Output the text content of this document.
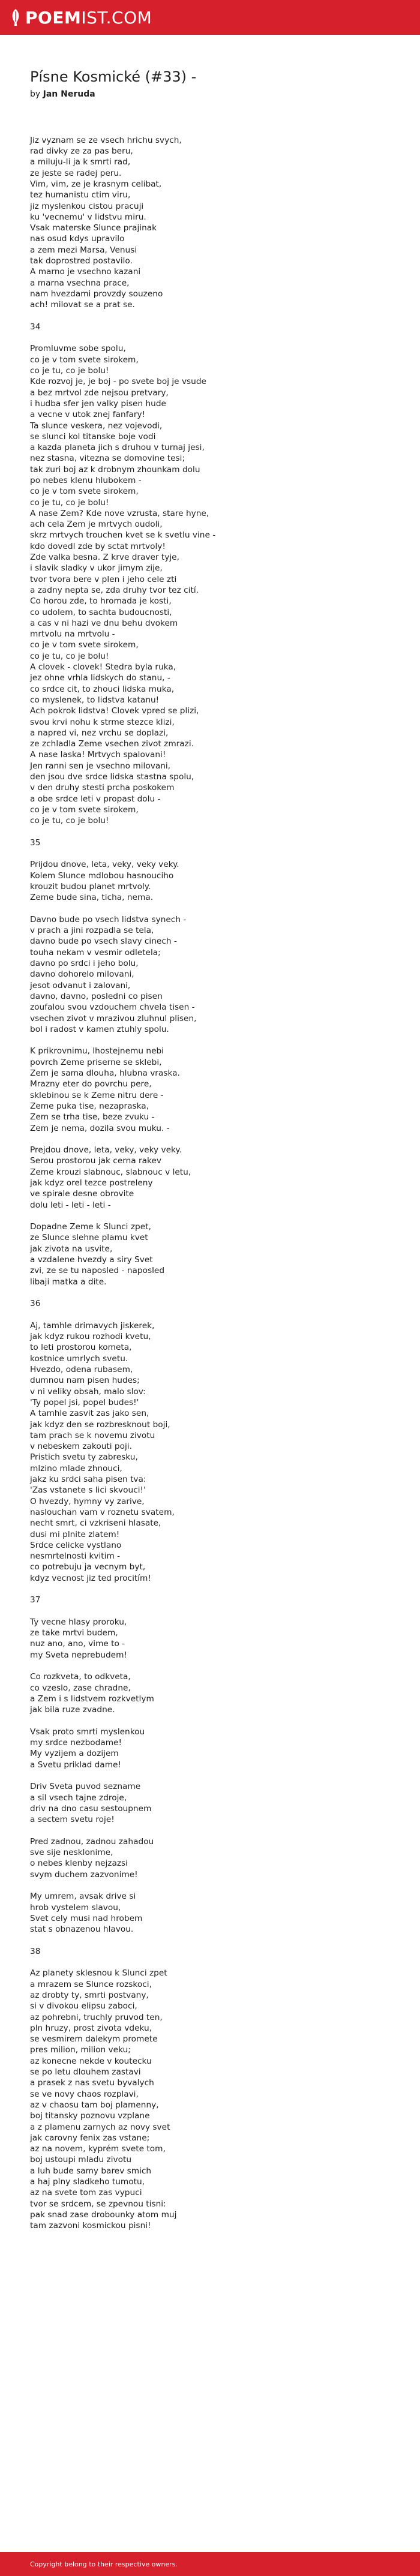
POEM IST.COM
Písne Kosmické (#33) -
by Jan Neruda

Jiz vyznam se ze vsech hrichu svych,
rad divky ze za pas beru,
a miluju-li ja k smrti rad,
ze jeste se radej peru.
Vim, vim, ze je krasnym celibat,
tez humanistu ctim viru,
jiz myslenkou cistou pracuji
ku 'vecnemu' v lidstvu miru.
Vsak materske Slunce prajinak
nas osud kdys upravilo
a zem mezi Marsa, Venusi
tak doprostred postavilo.
A marno je vsechno kazani
a marna vsechna prace,
nam hvezdami provzdy souzeno
ach! milovat se a prat se.

34

Promluvme sobe spolu,
co je v tom svete sirokem,
co je tu, co je bolu!
Kde rozvoj je, je boj - po svete boj je vsude
a bez mrtvol zde nejsou pretvary,
i hudba sfer jen valky pisen hude
a vecne v utok znej fanfary!
Ta slunce veskera, nez vojevodi,
se slunci kol titanske boje vodi
a kazda planeta jich s druhou v turnaj jesi,
nez stasna, vitezna se domovine tesi;
tak zuri boj az k drobnym zhounkam dolu
po nebes klenu hlubokem -
co je v tom svete sirokem,
co je tu, co je bolu!
A nase Zem? Kde nove vzrusta, stare hyne,
ach cela Zem je mrtvych oudoli,
skrz mrtvych trouchen kvet se k svetlu vine -
kdo dovedl zde by sctat mrtvoly!
Zde valka besna. Z krve draver tyje,
i slavik sladky v ukor jimym zije,
tvor tvora bere v plen i jeho cele zti
a zadny nepta se, zda druhy tvor tez cití.
Co horou zde, to hromada je kosti,
co udolem, to sachta budoucnosti,
a cas v ni hazi ve dnu behu dvokem
mrtvolu na mrtvolu -
co je v tom svete sirokem,
co je tu, co je bolu!
A clovek - clovek! Stedra byla ruka,
jez ohne vrhla lidskych do stanu, -
co srdce cit, to zhouci lidska muka,
co myslenek, to lidstva katanu!
Ach pokrok lidstva! Clovek vpred se plizi,
svou krvi nohu k strme stezce klizi,
a napred vi, nez vrchu se doplazi,
ze zchladla Zeme vsechen zivot zmrazi.
A nase laska! Mrtvych spalovani!
Jen ranni sen je vsechno milovani,
den jsou dve srdce lidska stastna spolu,
v den druhy stesti prcha poskokem
a obe srdce leti v propast dolu -
co je v tom svete sirokem,
co je tu, co je bolu!

35

Prijdou dnove, leta, veky, veky veky.
Kolem Slunce mdlobou hasnouciho
krouzit budou planet mrtvoly.
Zeme bude sina, ticha, nema.

Davno bude po vsech lidstva synech -
v prach a jini rozpadla se tela,
davno bude po vsech slavy cinech -
touha nekam v vesmir odletela;
davno po srdci i jeho bolu,
davno dohorelo milovani,
jesot odvanut i zalovani,
davno, davno, posledni co pisen
zoufalou svou vzdouchem chvela tisen -
vsechen zivot v mrazivou zluhnul plisen,
bol i radost v kamen ztuhly spolu.

K prikrovnimu, lhostejnemu nebi
povrch Zeme priserne se sklebi,
Zem je sama dlouha, hlubna vraska.
Mrazny eter do povrchu pere,
sklebinou se k Zeme nitru dere -
Zeme puka tise, nezapraska,
Zem se trha tise, beze zvuku -
Zem je nema, dozila svou muku. -

Prejdou dnove, leta, veky, veky veky.
Serou prostorou jak cerna rakev
Zeme krouzi slabnouc, slabnouc v letu,
jak kdyz orel tezce postreleny
ve spirale desne obrovite
dolu leti - leti - leti -

Dopadne Zeme k Slunci zpet,
ze Slunce slehne plamu kvet
jak zivota na usvite,
a vzdalene hvezdy a siry Svet
zvi, ze se tu naposled - naposled
libaji matka a dite.

36

Aj, tamhle drimavych jiskerek,
jak kdyz rukou rozhodi kvetu,
to leti prostorou kometa,
kostnice umrlych svetu.
Hvezdo, odena rubasem,
dumnou nam pisen hudes;
v ni veliky obsah, malo slov:
'Ty popel jsi, popel budes!'
A tamhle zasvit zas jako sen,
jak kdyz den se rozbresknout boji,
tam prach se k novemu zivotu
v nebeskem zakouti poji.
Pristich svetu ty zabresku,
mlzino mlade zhnouci,
jakz ku srdci saha pisen tva:
'Zas vstanete s lici skvouci!'
O hvezdy, hymny vy zarive,
naslouchan vam v roznetu svatem,
necht smrt, ci vzkriseni hlasate,
dusi mi plnite zlatem!
Srdce celicke vystlano
nesmrtelnosti kvitim -
co potrebuju ja vecnym byt,
kdyz vecnost jiz ted procitím!

37

Ty vecne hlasy proroku,
ze take mrtvi budem,
nuz ano, ano, vime to -
my Sveta neprebudem!

Co rozkveta, to odkveta,
co vzeslo, zase chradne,
a Zem i s lidstvem rozkvetlym
jak bila ruze zvadne.

Vsak proto smrti myslenkou
my srdce nezbodame!
My vyzijem a dozijem
a Svetu priklad dame!

Driv Sveta puvod sezname
a sil vsech tajne zdroje,
driv na dno casu sestoupnem
a sectem svetu roje!

Pred zadnou, zadnou zahadou
sve sije nesklonime,
o nebes klenby nejzazsi
svym duchem zazvonime!

My umrem, avsak drive si
hrob vystelem slavou,
Svet cely musi nad hrobem
stat s obnazenou hlavou.

38

Az planety sklesnou k Slunci zpet
a mrazem se Slunce rozskoci,
az drobty ty, smrti postvany,
si v divokou elipsu zaboci,
az pohrebni, truchly pruvod ten,
pln hruzy, prost zivota vdeku,
se vesmirem dalekym promete
pres milion, milion veku;
az konecne nekde v koutecku
se po letu dlouhem zastavi
a prasek z nas svetu byvalych
se ve novy chaos rozplavi,
az v chaosu tam boj plamenny,
boj titansky poznovu vzplane
a z plamenu zarnych az novy svet
jak carovny fenix zas vstane;
az na novem, kyprém svete tom,
boj ustoupi mladu zivotu
a luh bude samy barev smich
a haj plny sladkeho tumotu,
az na svete tom zas vypuci
tvor se srdcem, se zpevnou tisni:
pak snad zase drobounky atom muj
tam zazvoni kosmickou pisni!

Copyright belong to their respective owners.
